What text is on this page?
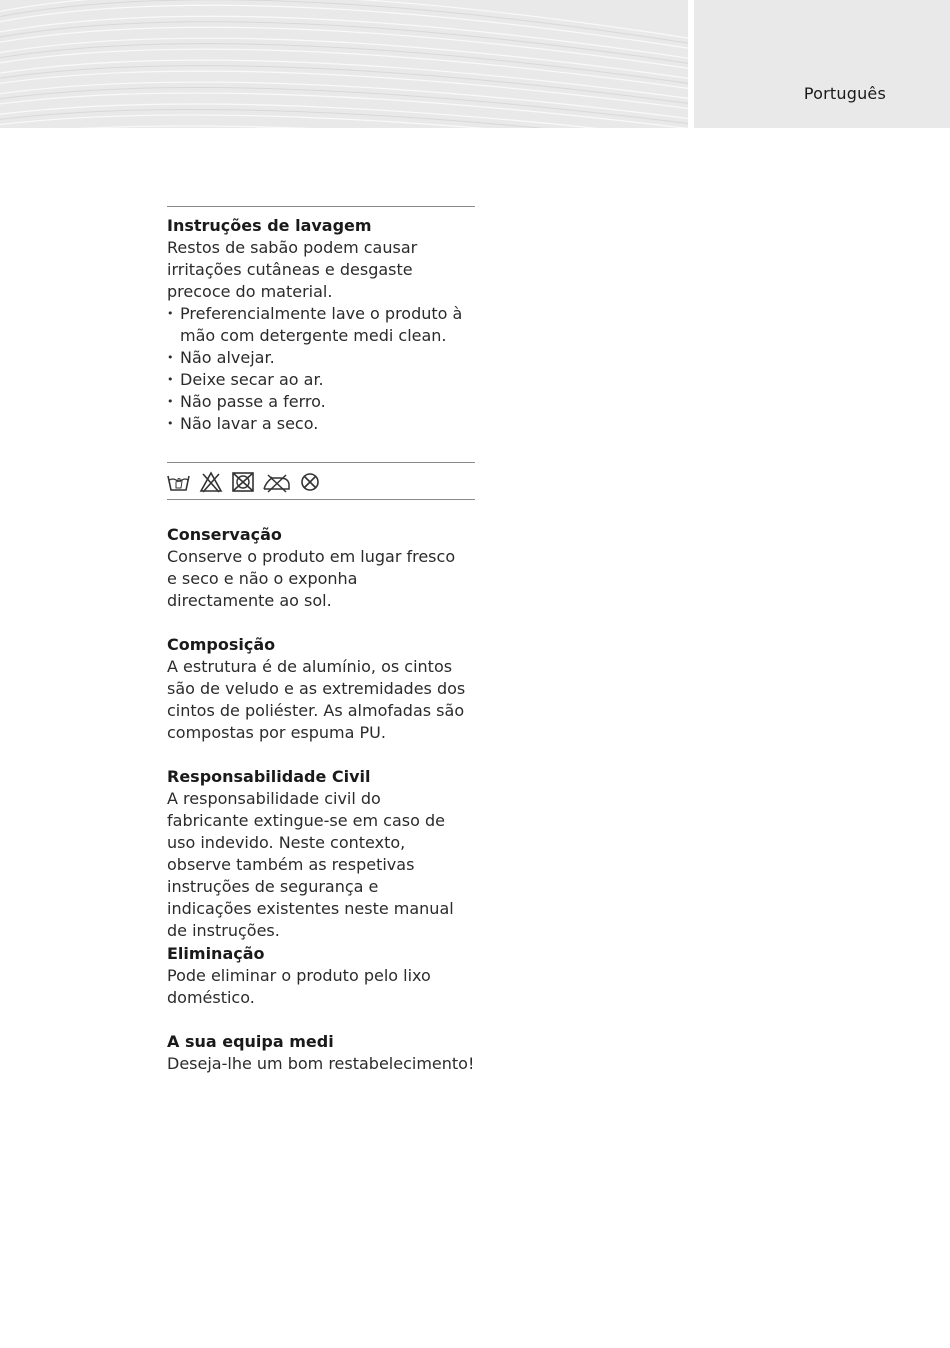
Português
Instruções de lavagem

Restos de sabão podem causar irritações cutâneas e desgaste precoce do material.

• Preferencialmente lave o produto à mão com detergente medi clean.
• Não alvejar.
• Deixe secar ao ar.
• Não passe a ferro.
• Não lavar a seco.
Conservação

Conserve o produto em lugar fresco e seco e não o exponha directamente ao sol.

Composição

A estrutura é de alumínio, os cintos são de veludo e as extremidades dos cintos de poliéster. As almofadas são compostas por espuma PU.

Responsabilidade Civil

A responsabilidade civil do fabricante extingue-se em caso de uso indevido. Neste contexto, observe também as respetivas instruções de segurança e indicações existentes neste manual de instruções.

Eliminação

Pode eliminar o produto pelo lixo doméstico.

A sua equipa medi

Deseja-lhe um bom restabelecimento!
